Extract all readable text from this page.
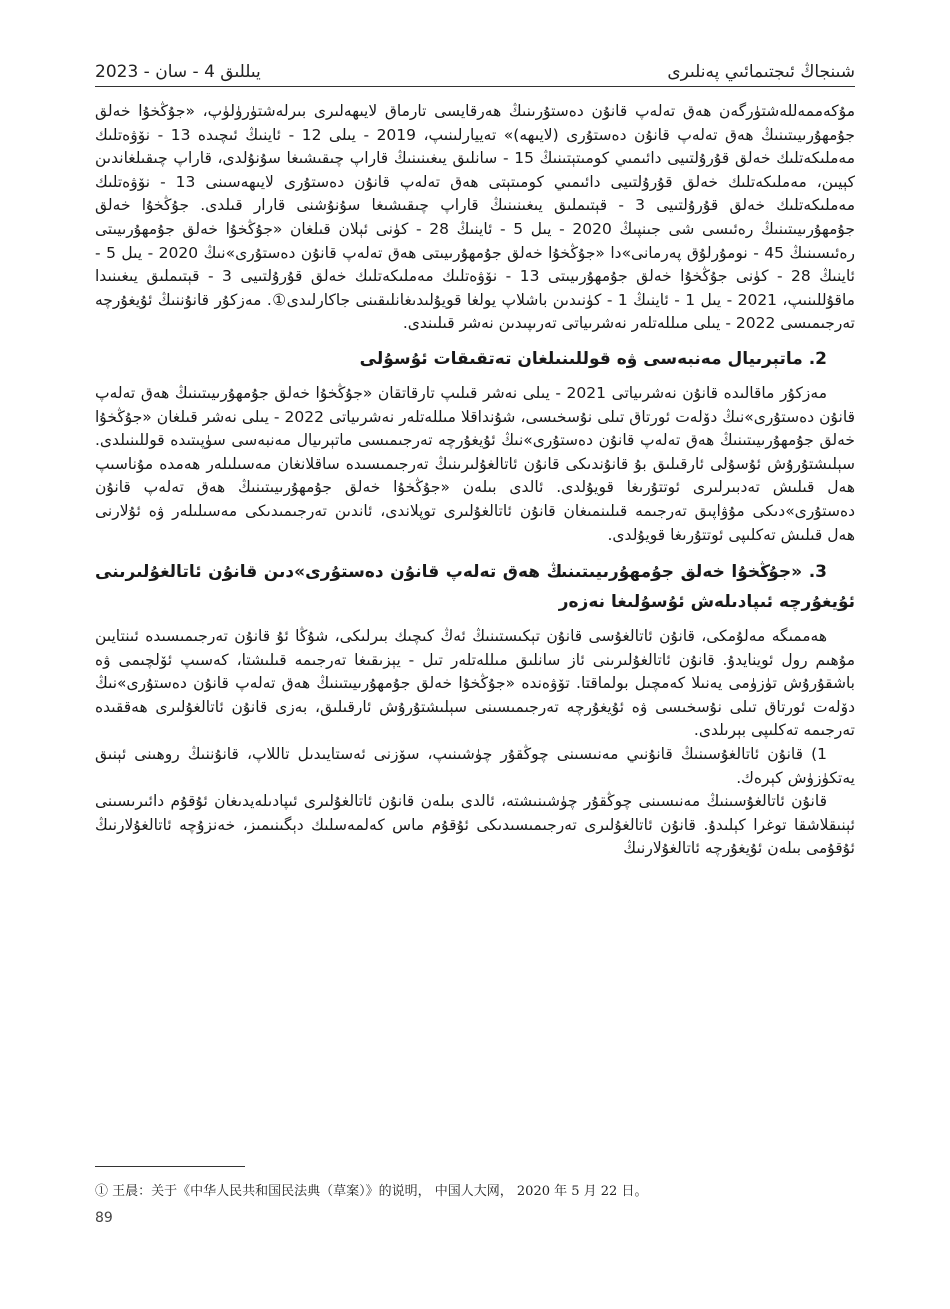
2023 - يىللىق 4 - سان	شىنجاڭ ئىجتىمائىي پەنلىرى

مۇكەممەللەشتۈرگەن ھەق تەلەپ قانۇن دەستۇرىنىڭ ھەرقايسى تارماق لايىھەلىرى بىرلەشتۈرۈلۈپ، «جۇڭخۇا خەلق جۇمھۇرىيىتىنىڭ ھەق تەلەپ قانۇن دەستۇرى (لايىھە)» تەييارلىنىپ، 2019 - يىلى 12 - ئاينىڭ ئىچىدە 13 - نۆۋەتلىك مەملىكەتلىك خەلق قۇرۇلتىيى دائىمىي كومىتېتىنىڭ 15 - سانلىق يىغىنىنىڭ قاراپ چىقىشىغا سۇنۇلدى، قاراپ چىقىلغاندىن كېيىن، مەملىكەتلىك خەلق قۇرۇلتىيى دائىمىي كومىتېتى ھەق تەلەپ قانۇن دەستۇرى لايىھەسىنى 13 - نۆۋەتلىك مەملىكەتلىك خەلق قۇرۇلتىيى 3 - قېتىملىق يىغىنىنىڭ قاراپ چىقىشىغا سۇنۇشنى قارار قىلدى. جۇڭخۇا خەلق جۇمھۇرىيىتىنىڭ رەئىسى شى جىنپىڭ 2020 - يىل 5 - ئاينىڭ 28 - كۈنى ئېلان قىلغان «جۇڭخۇا خەلق جۇمھۇرىيىتى رەئىسىنىڭ 45 - نومۇرلۇق پەرمانى»دا «جۇڭخۇا خەلق جۇمھۇرىيىتى ھەق تەلەپ قانۇن دەستۇرى»نىڭ 2020 - يىل 5 - ئاينىڭ 28 - كۈنى جۇڭخۇا خەلق جۇمھۇرىيىتى 13 - نۆۋەتلىك مەملىكەتلىك خەلق قۇرۇلتىيى 3 - قېتىملىق يىغىنىدا ماقۇللىنىپ، 2021 - يىل 1 - ئاينىڭ 1 - كۈنىدىن باشلاپ يولغا قويۇلىدىغانلىقىنى جاكارلىدى①. مەزكۇر قانۇننىڭ ئۇيغۇرچە تەرجىمىسى 2022 - يىلى مىللەتلەر نەشرىياتى تەرىپىدىن نەشر قىلىندى.

2. ماتېرىيال مەنبەسى ۋە قوللىنىلغان تەتقىقات ئۇسۇلى

مەزكۇر ماقالىدە قانۇن نەشرىياتى 2021 - يىلى نەشر قىلىپ تارقاتقان «جۇڭخۇا خەلق جۇمھۇرىيىتىنىڭ ھەق تەلەپ قانۇن دەستۇرى»نىڭ دۆلەت ئورتاق تىلى نۇسخىسى، شۇنداقلا مىللەتلەر نەشرىياتى 2022 - يىلى نەشر قىلغان «جۇڭخۇا خەلق جۇمھۇرىيىتىنىڭ ھەق تەلەپ قانۇن دەستۇرى»نىڭ ئۇيغۇرچە تەرجىمىسى ماتېرىيال مەنبەسى سۈپىتىدە قوللىنىلدى. سېلىشتۇرۇش ئۇسۇلى ئارقىلىق بۇ قانۇندىكى قانۇن ئاتالغۇلىرىنىڭ تەرجىمىسىدە ساقلانغان مەسىلىلەر ھەمدە مۇناسىپ ھەل قىلىش تەدبىرلىرى ئوتتۇرىغا قويۇلدى. ئالدى بىلەن «جۇڭخۇا خەلق جۇمھۇرىيىتىنىڭ ھەق تەلەپ قانۇن دەستۇرى»دىكى مۇۋاپىق تەرجىمە قىلىنمىغان قانۇن ئاتالغۇلىرى توپلاندى، ئاندىن تەرجىمىدىكى مەسىلىلەر ۋە ئۇلارنى ھەل قىلىش تەكلىپى ئوتتۇرىغا قويۇلدى.

3. «جۇڭخۇا خەلق جۇمھۇرىيىتىنىڭ ھەق تەلەپ قانۇن دەستۇرى»دىن قانۇن ئاتالغۇلىرىنى ئۇيغۇرچە ئىپادىلەش ئۇسۇلىغا نەزەر

ھەممىگە مەلۇمكى، قانۇن ئاتالغۇسى قانۇن تېكىستىنىڭ ئەڭ كىچىك بىرلىكى، شۇڭا ئۇ قانۇن تەرجىمىسىدە ئىنتايىن مۇھىم رول ئوينايدۇ. قانۇن ئاتالغۇلىرىنى ئاز سانلىق مىللەتلەر تىل - يېزىقىغا تەرجىمە قىلىشتا، كەسىپ ئۆلچىمى ۋە باشقۇرۇش تۈزۈمى يەنىلا كەمچىل بولماقتا. تۆۋەندە «جۇڭخۇا خەلق جۇمھۇرىيىتىنىڭ ھەق تەلەپ قانۇن دەستۇرى»نىڭ دۆلەت ئورتاق تىلى نۇسخىسى ۋە ئۇيغۇرچە تەرجىمىسىنى سېلىشتۇرۇش ئارقىلىق، بەزى قانۇن ئاتالغۇلىرى ھەققىدە تەرجىمە تەكلىپى بېرىلدى.

1) قانۇن ئاتالغۇسىنىڭ قانۇنىي مەنىسىنى چوڭقۇر چۈشىنىپ، سۆزنى ئەستايىدىل تاللاپ، قانۇننىڭ روھىنى ئېنىق يەتكۈزۈش كېرەك.

قانۇن ئاتالغۇسىنىڭ مەنىسىنى چوڭقۇر چۈشىنىشتە، ئالدى بىلەن قانۇن ئاتالغۇلىرى ئىپادىلەيدىغان ئۇقۇم دائىرىسىنى ئېنىقلاشقا توغرا كېلىدۇ. قانۇن ئاتالغۇلىرى تەرجىمىسىدىكى ئۇقۇم ماس كەلمەسلىك دېگىنىمىز، خەنزۇچە ئاتالغۇلارنىڭ ئۇقۇمى بىلەن ئۇيغۇرچە ئاتالغۇلارنىڭ

① 王晨：关于《中华人民共和国民法典（草案）》的说明， 中国人大网， 2020 年 5 月 22 日。
89
